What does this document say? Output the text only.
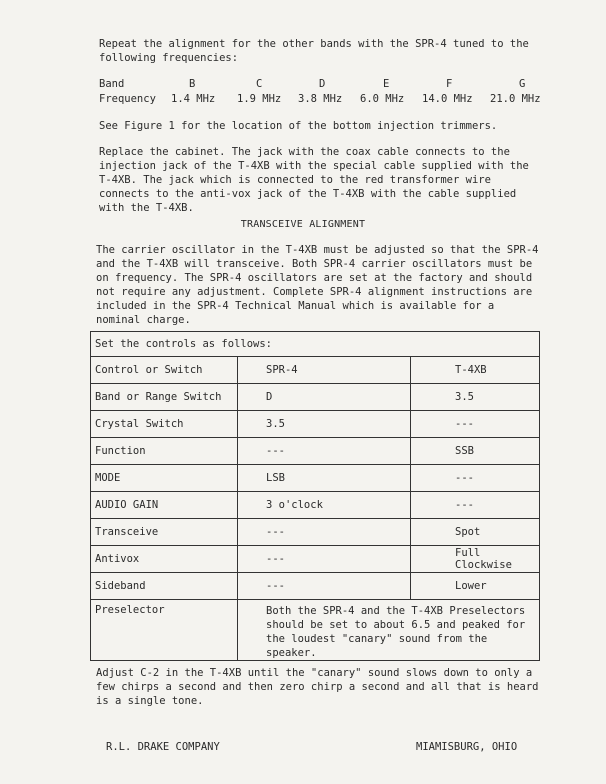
Repeat the alignment for the other bands with the SPR-4 tuned to the following frequencies:

Band	B	C	D	E	F	G
Frequency 1.4 MHz 1.9 MHz 3.8 MHz 6.0 MHz 14.0 MHz 21.0 MHz

See Figure 1 for the location of the bottom injection trimmers.

Replace the cabinet. The jack with the coax cable connects to the injection jack of the T-4XB with the special cable supplied with the T-4XB. The jack which is connected to the red transformer wire connects to the anti-vox jack of the T-4XB with the cable supplied with the T-4XB.

TRANSCEIVE ALIGNMENT

The carrier oscillator in the T-4XB must be adjusted so that the SPR-4 and the T-4XB will transceive. Both SPR-4 carrier oscillators must be on frequency. The SPR-4 oscillators are set at the factory and should not require any adjustment. Complete SPR-4 alignment instructions are included in the SPR-4 Technical Manual which is available for a nominal charge.

Set the controls as follows:		
Control or Switch	SPR-4	T-4XB
Band or Range Switch	D	3.5
Crystal Switch	3.5	---
Function	---	SSB
MODE	LSB	---
AUDIO GAIN	3 o'clock	---
Transceive	---	Spot
Antivox	---	Full Clockwise
Sideband	---	Lower
Preselector	Both the SPR-4 and the T-4XB Preselectors should be set to about 6.5 and peaked for the loudest "canary" sound from the speaker.	

Adjust C-2 in the T-4XB until the "canary" sound slows down to only a few chirps a second and then zero chirp a second and all that is heard is a single tone.

R.L. DRAKE COMPANY	MIAMISBURG, OHIO
